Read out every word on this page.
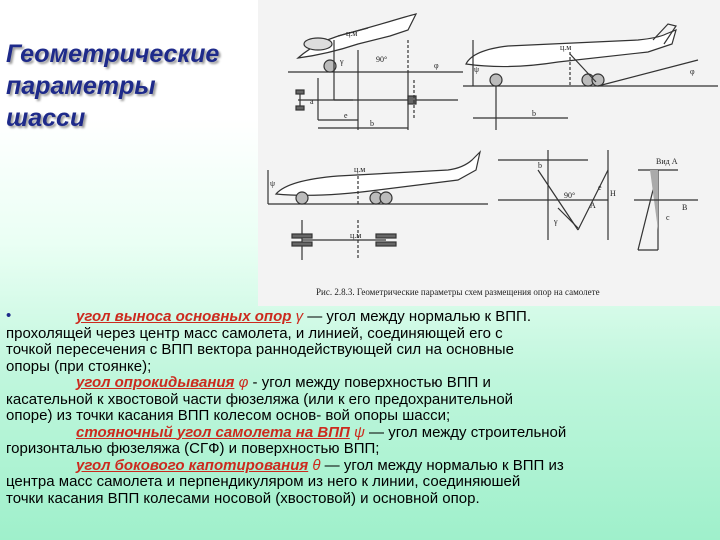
Геометрические
параметры
шасси
ц.м
90°
ц.м
ц.м
ц.м
90°
Вид А
А
a
b
e	b
b
e
H
B
c
ψ
ψ
φ
φ
γ
γ
Рис. 2.8.3. Геометрические параметры схем размещения опор на самолете
•	угол выноса основных опор γ — угол между нормалью к ВПП.
прохолящей через центр масс самолета, и линией, соединяющей его с
точкой пересечения с ВПП вектора раннодействующей сил на основные
опоры (при стоянке);
угол опрокидывания φ - угол между поверхностью ВПП и
касательной к хвостовой части фюзеляжа (или к его предохранительной
опоре) из точки касания ВПП колесом основ- вой опоры шасси;
стояночный угол самолета на ВПП ψ — угол между строительной
горизонталью фюзеляжа (СГФ) и поверхностью ВПП;
угол бокового капотирования θ — угол между нормалью к ВПП из
центра масс самолета и перпендикуляром из него к линии, соединяюшей
точки касания ВПП колесами носовой (хвостовой) и основной опор.
